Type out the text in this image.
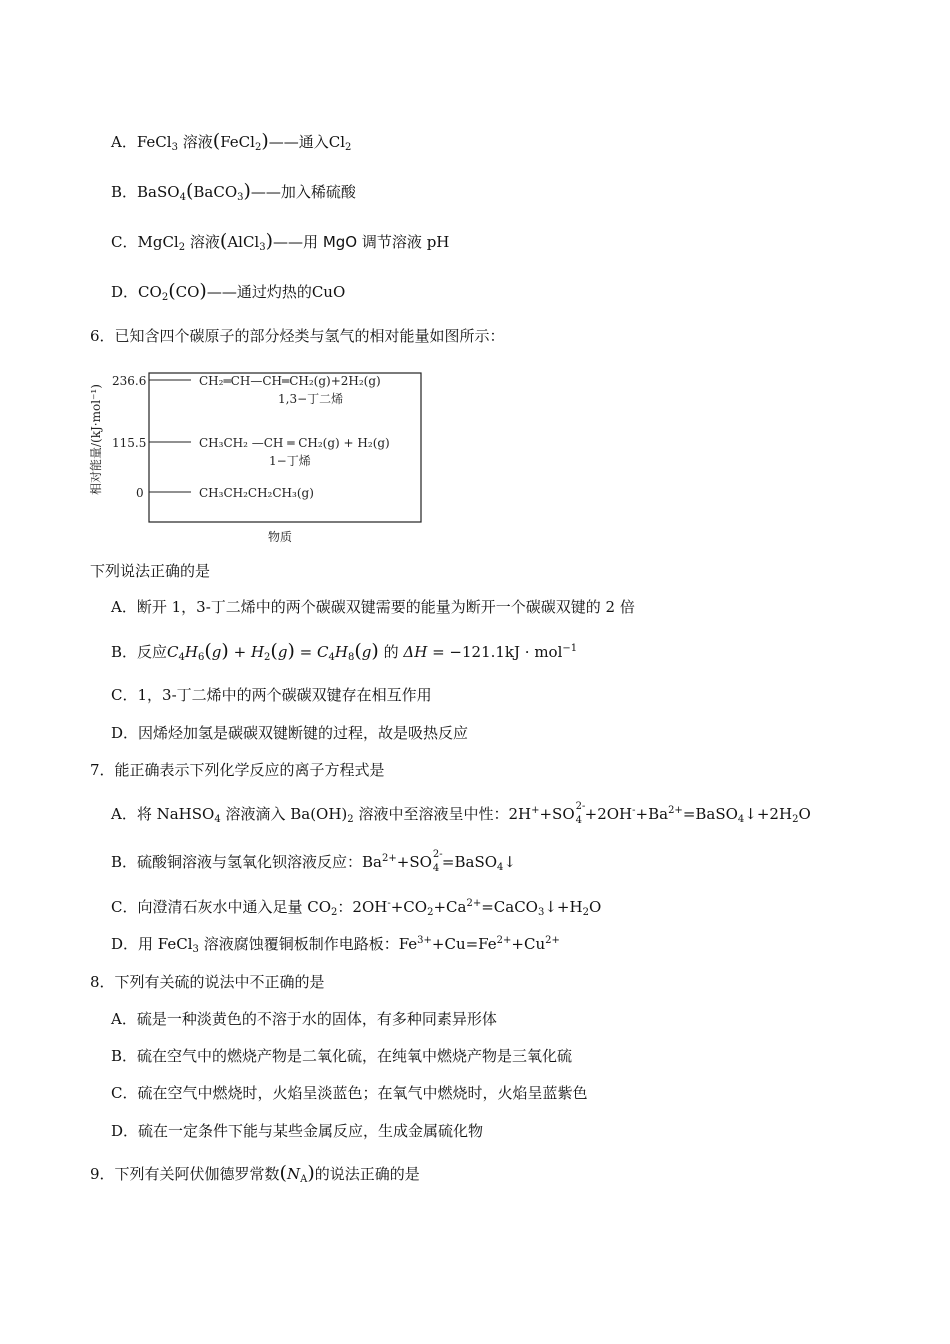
A．FeCl$_3$ 溶液(FeCl$_2$)——通入$Cl_2$
B．BaSO$_4$(BaCO$_3$)——加入稀硫酸
C．MgCl$_2$ 溶液(AlCl$_3$)——用 MgO 调节溶液 pH
D．$CO_2(CO)——$通过灼热的CuO
6．已知含四个碳原子的部分烃类与氢气的相对能量如图所示：
相对能量/(kJ·mol⁻¹)
236.6	CH₂═CH—CH═CH₂(g)+2H₂(g)
1,3−丁二烯
115.5	CH₃CH₂ —CH ═ CH₂(g) + H₂(g)
1−丁烯
0	CH₃CH₂CH₂CH₃(g)
物质
下列说法正确的是
A．断开 1，3-丁二烯中的两个碳碳双键需要的能量为断开一个碳碳双键的 2 倍
B．反应$C_4H_6(g) + H_2(g) = C_4H_8(g)$ 的 ΔH = −121.1kJ · mol$^{-1}$
C．1，3-丁二烯中的两个碳碳双键存在相互作用
D．因烯烃加氢是碳碳双键断键的过程，故是吸热反应
7．能正确表示下列化学反应的离子方程式是
A．将 NaHSO$_4$ 溶液滴入 $Ba(OH)_2$ 溶液中至溶液呈中性：2H++SO 2-
$4 +2OH^-+Ba^{2+}=BaSO_4↓+2H_2O$
B．硫酸铜溶液与氢氧化钡溶液反应：$Ba^{2+}+SO$ 2-
4 =BaSO$_4$↓
C．向澄清石灰水中通入足量 $CO_2$：$2OH^-+CO_2+Ca^{2+}=CaCO_3↓+H_2O$
D．用 FeCl$_3$ 溶液腐蚀覆铜板制作电路板：$Fe^{3+}+Cu=Fe^{2+}+Cu^{2+}$
8．下列有关硫的说法中不正确的是
A．硫是一种淡黄色的不溶于水的固体，有多种同素异形体
B．硫在空气中的燃烧产物是二氧化硫，在纯氧中燃烧产物是三氧化硫
C．硫在空气中燃烧时，火焰呈淡蓝色；在氧气中燃烧时，火焰呈蓝紫色
D．硫在一定条件下能与某些金属反应，生成金属硫化物
9．下列有关阿伏伽德罗常数$(N_A)$的说法正确的是
